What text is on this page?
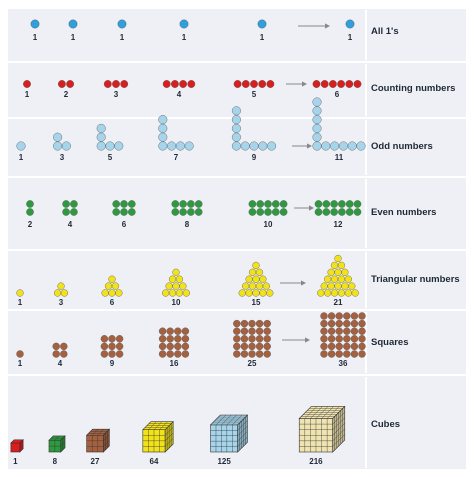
1	1	1	1	1	1
All 1's
1	2	3	4	5	6
Counting numbers
1	3	5	7	9	11
Odd numbers
2	4	6	8	10	12
Even numbers
1	3	6	10	15	21
Triangular numbers
1	4	9	16	25	36
Squares
1	8	27	64	125	216
Cubes
